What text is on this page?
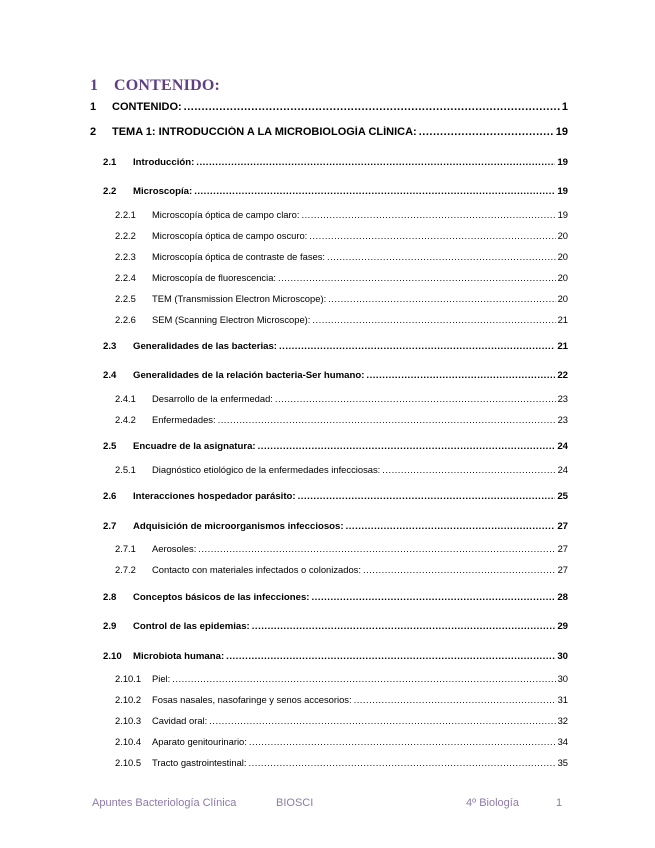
1 CONTENIDO:
1	CONTENIDO: .....	1
2	TEMA 1: INTRODUCCIÓN A LA MICROBIOLOGÍA CLÍNICA: .....	19
2.1	Introducción: .....	19
2.2	Microscopía: .....	19
2.2.1	Microscopía óptica de campo claro: .....	19
2.2.2	Microscopía óptica de campo oscuro: .....	20
2.2.3	Microscopía óptica de contraste de fases: .....	20
2.2.4	Microscopía de fluorescencia: .....	20
2.2.5	TEM (Transmission Electron Microscope): .....	20
2.2.6	SEM (Scanning Electron Microscope): .....	21
2.3	Generalidades de las bacterias: .....	21
2.4	Generalidades de la relación bacteria-Ser humano: .....	22
2.4.1	Desarrollo de la enfermedad: .....	23
2.4.2	Enfermedades: .....	23
2.5	Encuadre de la asignatura: .....	24
2.5.1	Diagnóstico etiológico de la enfermedades infecciosas: .....	24
2.6	Interacciones hospedador parásito: .....	25
2.7	Adquisición de microorganismos infecciosos: .....	27
2.7.1	Aerosoles: .....	27
2.7.2	Contacto con materiales infectados o colonizados: .....	27
2.8	Conceptos básicos de las infecciones: .....	28
2.9	Control de las epidemias: .....	29
2.10	Microbiota humana: .....	30
2.10.1	Piel: .....	30
2.10.2	Fosas nasales, nasofaringe y senos accesorios: .....	31
2.10.3	Cavidad oral: .....	32
2.10.4	Aparato genitourinario: .....	34
2.10.5	Tracto gastrointestinal: .....	35
Apuntes Bacteriología Clínica	BIOSCI	4º Biología	1
